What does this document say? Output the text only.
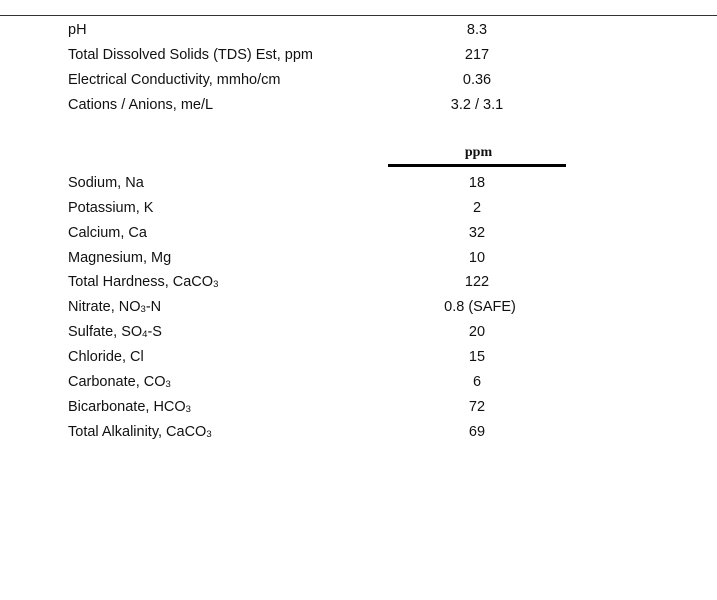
pH	8.3
Total Dissolved Solids (TDS) Est, ppm	217
Electrical Conductivity, mmho/cm	0.36
Cations / Anions, me/L	3.2 / 3.1
ppm
Sodium, Na	18
Potassium, K	2
Calcium, Ca	32
Magnesium, Mg	10
Total Hardness, CaCO$_3$	122
Nitrate, $NO_3-N$	0.8 (SAFE)
Sulfate, $SO_4-S$	20
Chloride, Cl	15
Carbonate, $CO_3$	6
Bicarbonate, $HCO_3$	72
Total Alkalinity, CaCO$_3$	69
